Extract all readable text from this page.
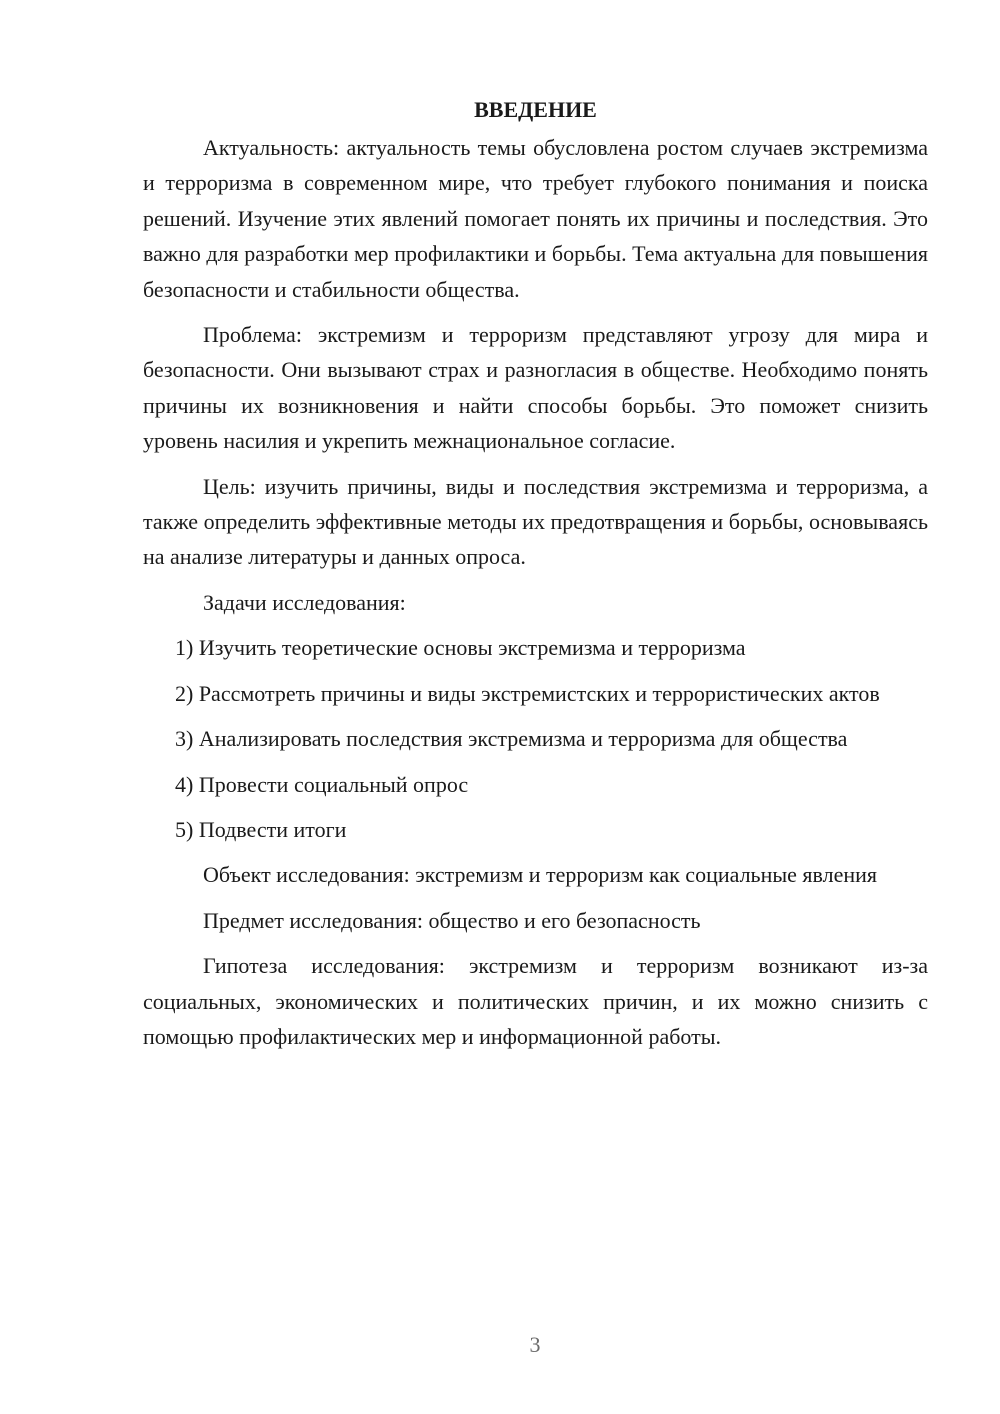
ВВЕДЕНИЕ

Актуальность: актуальность темы обусловлена ростом случаев экстремизма и терроризма в современном мире, что требует глубокого понимания и поиска решений. Изучение этих явлений помогает понять их причины и последствия. Это важно для разработки мер профилактики и борьбы. Тема актуальна для повышения безопасности и стабильности общества.

Проблема: экстремизм и терроризм представляют угрозу для мира и безопасности. Они вызывают страх и разногласия в обществе. Необходимо понять причины их возникновения и найти способы борьбы. Это поможет снизить уровень насилия и укрепить межнациональное согласие.

Цель: изучить причины, виды и последствия экстремизма и терроризма, а также определить эффективные методы их предотвращения и борьбы, основываясь на анализе литературы и данных опроса.

Задачи исследования:

1) Изучить теоретические основы экстремизма и терроризма

2) Рассмотреть причины и виды экстремистских и террористических актов

3) Анализировать последствия экстремизма и терроризма для общества

4) Провести социальный опрос

5) Подвести итоги

Объект исследования: экстремизм и терроризм как социальные явления

Предмет исследования: общество и его безопасность

Гипотеза исследования: экстремизм и терроризм возникают из-за социальных, экономических и политических причин, и их можно снизить с помощью профилактических мер и информационной работы.

3
